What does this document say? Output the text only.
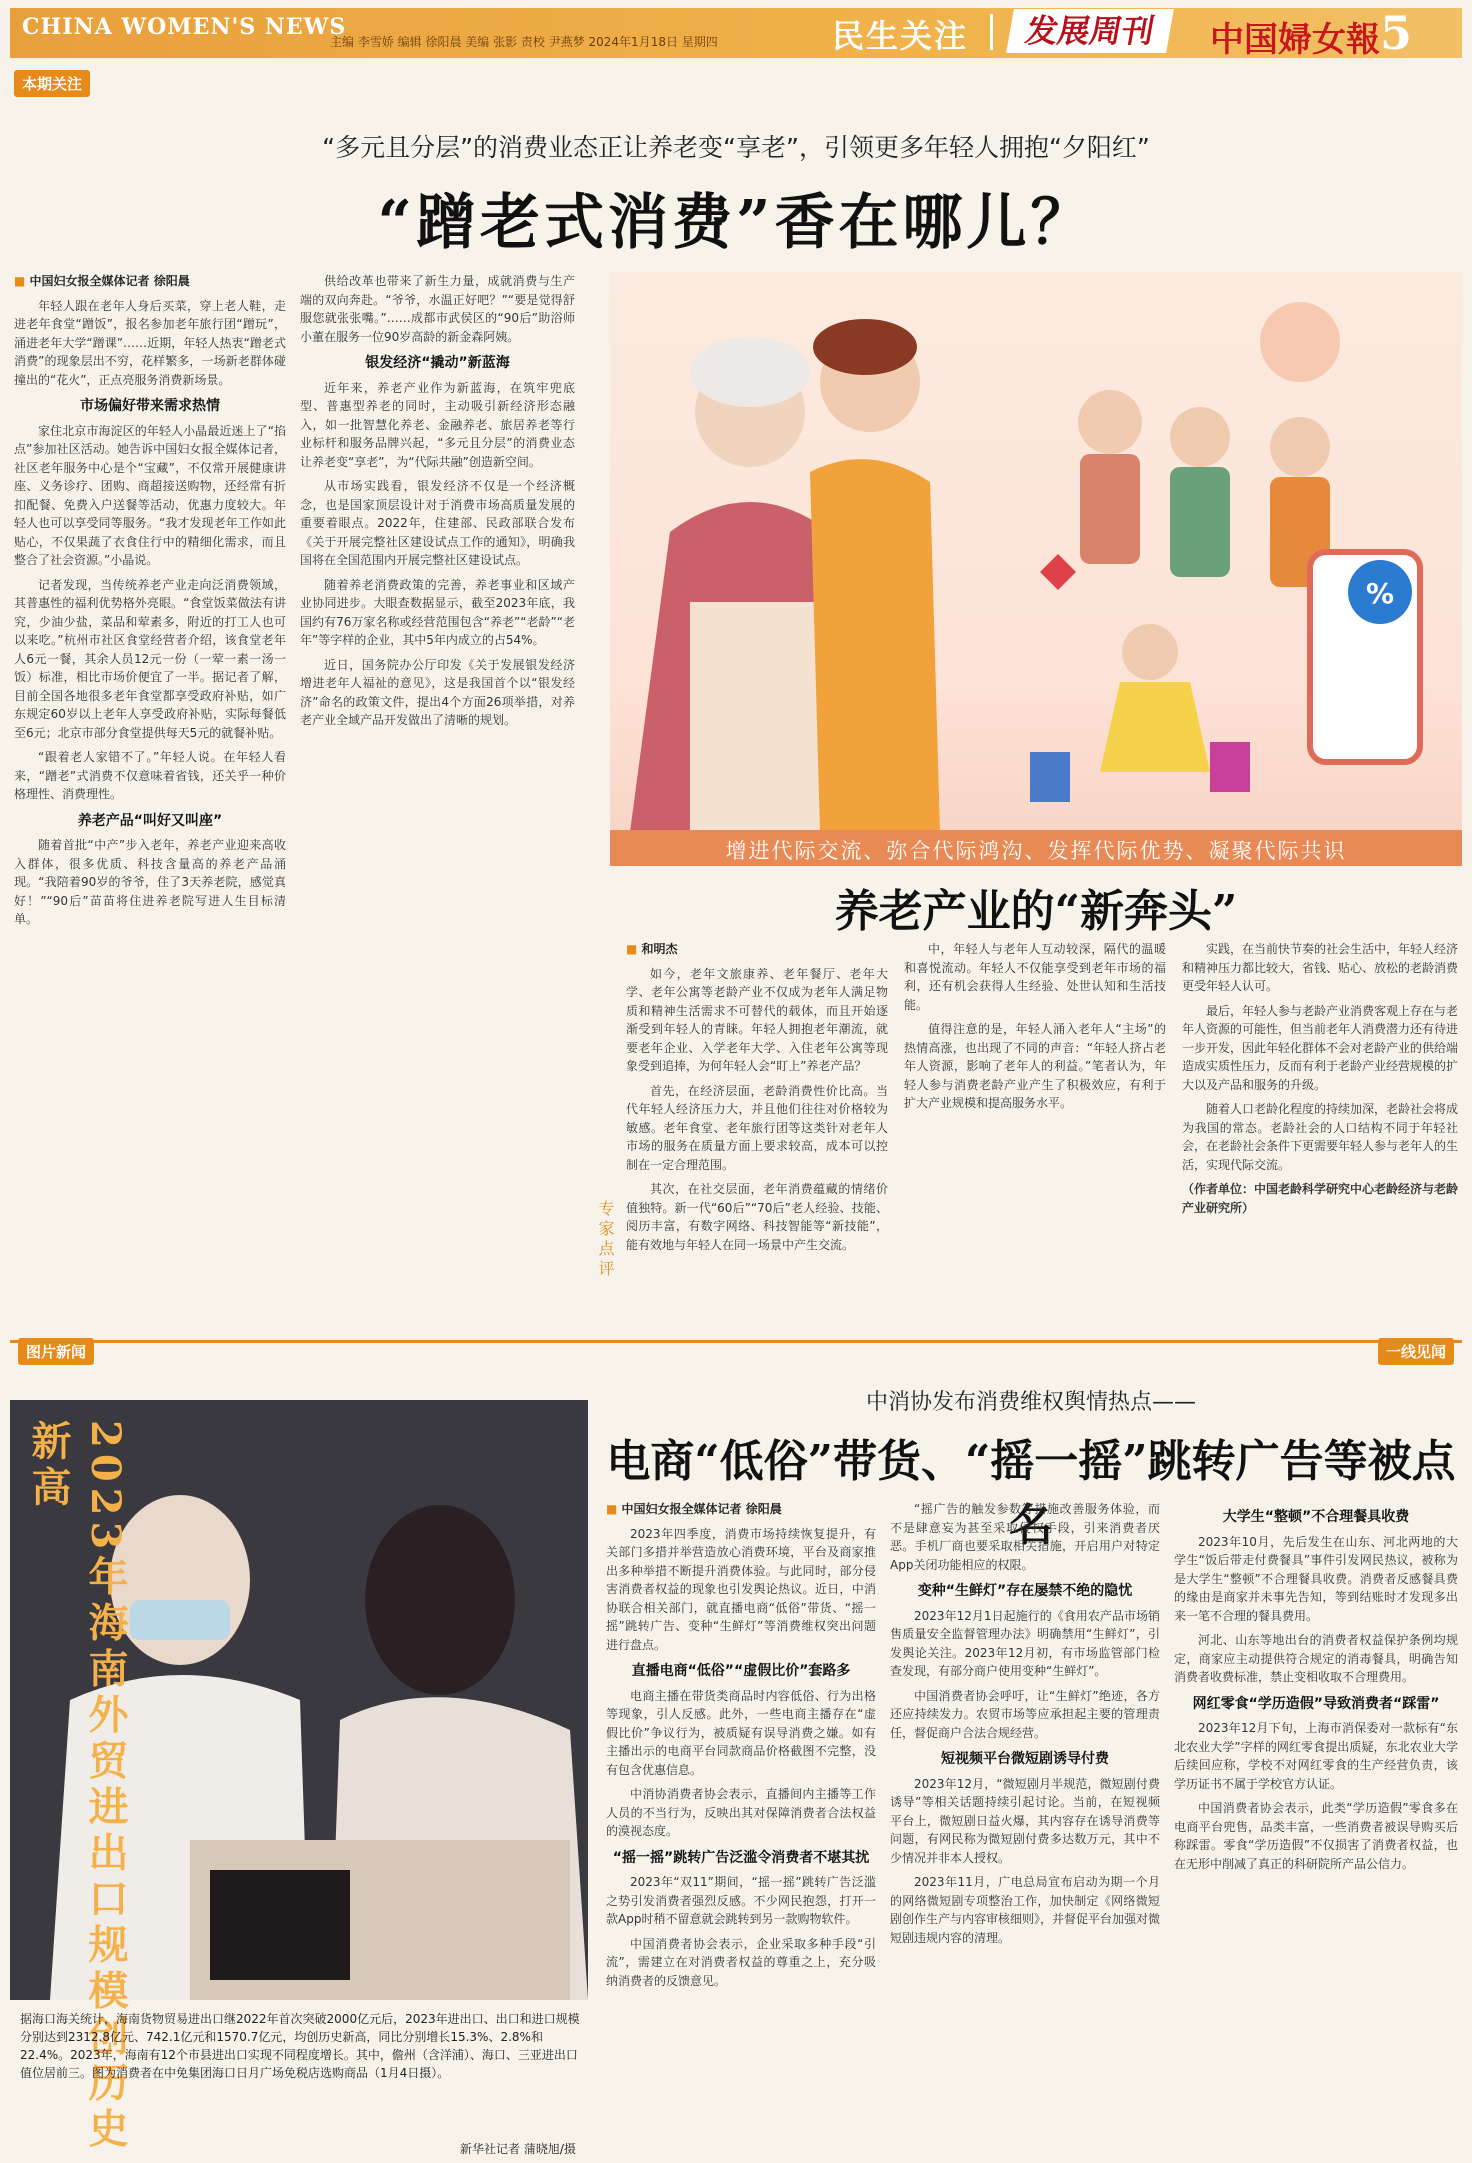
CHINA WOMEN'S NEWS
主编 李雪娇 编辑 徐阳晨 美编 张影 责校 尹燕梦 2024年1月18日 星期四	民生关注	发展周刊	中国婦女報 5
本期关注
“多元且分层”的消费业态正让养老变“享老”，引领更多年轻人拥抱“夕阳红”
“蹭老式消费”香在哪儿？
■ 中国妇女报全媒体记者 徐阳晨

年轻人跟在老年人身后买菜，穿上老人鞋，走进老年食堂“蹭饭”，报名参加老年旅行团“蹭玩”，涌进老年大学“蹭课”……近期，年轻人热衷“蹭老式消费”的现象层出不穷，花样繁多，一场新老群体碰撞出的“花火”，正点亮服务消费新场景。

市场偏好带来需求热情

家住北京市海淀区的年轻人小晶最近迷上了“掐点”参加社区活动。她告诉中国妇女报全媒体记者，社区老年服务中心是个“宝藏”，不仅常开展健康讲座、义务诊疗、团购、商超接送购物，还经常有折扣配餐、免费入户送餐等活动，优惠力度较大。年轻人也可以享受同等服务。“我才发现老年工作如此贴心，不仅果蔬了衣食住行中的精细化需求，而且整合了社会资源。”小晶说。

记者发现，当传统养老产业走向泛消费领域，其普惠性的福利优势格外亮眼。“食堂饭菜做法有讲究，少油少盐，菜品和荤素多，附近的打工人也可以来吃。”杭州市社区食堂经营者介绍，该食堂老年人6元一餐，其余人员12元一份（一荤一素一汤一饭）标准，相比市场价便宜了一半。据记者了解，目前全国各地很多老年食堂都享受政府补贴，如广东规定60岁以上老年人享受政府补贴，实际每餐低至6元；北京市部分食堂提供每天5元的就餐补贴。

“跟着老人家错不了。”年轻人说。在年轻人看来，“蹭老”式消费不仅意味着省钱，还关乎一种价格理性、消费理性。

养老产品“叫好又叫座”

随着首批“中产”步入老年，养老产业迎来高收入群体，很多优质、科技含量高的养老产品涌现。“我陪着90岁的爷爷，住了3天养老院，感觉真好！”“90后”苗苗将住进养老院写进人生目标清单。

供给改革也带来了新生力量，成就消费与生产端的双向奔赴。“爷爷，水温正好吧？”“要是觉得舒服您就张张嘴。”……成都市武侯区的“90后”助浴师小董在服务一位90岁高龄的新金森阿姨。

银发经济“撬动”新蓝海

近年来，养老产业作为新蓝海，在筑牢兜底型、普惠型养老的同时，主动吸引新经济形态融入，如一批智慧化养老、金融养老、旅居养老等行业标杆和服务品牌兴起，“多元且分层”的消费业态让养老变“享老”，为“代际共融”创造新空间。

从市场实践看，银发经济不仅是一个经济概念，也是国家顶层设计对于消费市场高质量发展的重要着眼点。2022年，住建部、民政部联合发布《关于开展完整社区建设试点工作的通知》，明确我国将在全国范围内开展完整社区建设试点。

随着养老消费政策的完善，养老事业和区域产业协同进步。大眼查数据显示，截至2023年底，我国约有76万家名称或经营范围包含“养老”“老龄”“老年”等字样的企业，其中5年内成立的占54%。

近日，国务院办公厅印发《关于发展银发经济增进老年人福祉的意见》，这是我国首个以“银发经济”命名的政策文件，提出4个方面26项举措，对养老产业全域产品开发做出了清晰的规划。

%
增进代际交流、弥合代际鸿沟、发挥代际优势、凝聚代际共识
养老产业的“新奔头”
专家点评
■ 和明杰

如今，老年文旅康养、老年餐厅、老年大学、老年公寓等老龄产业不仅成为老年人满足物质和精神生活需求不可替代的载体，而且开始逐渐受到年轻人的青睐。年轻人拥抱老年潮流，就要老年企业、入学老年大学、入住老年公寓等现象受到追捧，为何年轻人会“盯上”养老产品？

首先，在经济层面，老龄消费性价比高。当代年轻人经济压力大，并且他们往往对价格较为敏感。老年食堂、老年旅行团等这类针对老年人市场的服务在质量方面上要求较高，成本可以控制在一定合理范围。

其次，在社交层面，老年消费蕴藏的情绪价值独特。新一代“60后”“70后”老人经验、技能、阅历丰富，有数字网络、科技智能等“新技能”，能有效地与年轻人在同一场景中产生交流。

中，年轻人与老年人互动较深，隔代的温暖和喜悦流动。年轻人不仅能享受到老年市场的福利，还有机会获得人生经验、处世认知和生活技能。

值得注意的是，年轻人涌入老年人“主场”的热情高涨，也出现了不同的声音：“年轻人挤占老年人资源，影响了老年人的利益。”笔者认为，年轻人参与消费老龄产业产生了积极效应，有利于扩大产业规模和提高服务水平。

实践，在当前快节奏的社会生活中，年轻人经济和精神压力都比较大，省钱、贴心、放松的老龄消费更受年轻人认可。

最后，年轻人参与老龄产业消费客观上存在与老年人资源的可能性，但当前老年人消费潜力还有待进一步开发，因此年轻化群体不会对老龄产业的供给端造成实质性压力，反而有利于老龄产业经营规模的扩大以及产品和服务的升级。

随着人口老龄化程度的持续加深，老龄社会将成为我国的常态。老龄社会的人口结构不同于年轻社会，在老龄社会条件下更需要年轻人参与老年人的生活，实现代际交流。

（作者单位：中国老龄科学研究中心老龄经济与老龄产业研究所）

图片新闻	一线见闻
2023年海南外贸进出口规模创历史新高
据海口海关统计，海南货物贸易进出口继2022年首次突破2000亿元后，2023年进出口、出口和进口规模分别达到2312.8亿元、742.1亿元和1570.7亿元，均创历史新高，同比分别增长15.3%、2.8%和22.4%。2023年，海南有12个市县进出口实现不同程度增长。其中，儋州（含洋浦）、海口、三亚进出口值位居前三。图为消费者在中免集团海口日月广场免税店选购商品（1月4日摄）。
新华社记者 蒲晓旭/摄
中消协发布消费维权舆情热点——
电商“低俗”带货、“摇一摇”跳转广告等被点名
■ 中国妇女报全媒体记者 徐阳晨

2023年四季度，消费市场持续恢复提升，有关部门多措并举营造放心消费环境，平台及商家推出多种举措不断提升消费体验。与此同时，部分侵害消费者权益的现象也引发舆论热议。近日，中消协联合相关部门，就直播电商“低俗”带货、“摇一摇”跳转广告、变种“生鲜灯”等消费维权突出问题进行盘点。

直播电商“低俗”“虚假比价”套路多

电商主播在带货类商品时内容低俗、行为出格等现象，引人反感。此外，一些电商主播存在“虚假比价”争议行为，被质疑有误导消费之嫌。如有主播出示的电商平台同款商品价格截图不完整，没有包含优惠信息。

中消协消费者协会表示，直播间内主播等工作人员的不当行为，反映出其对保障消费者合法权益的漠视态度。

“摇一摇”跳转广告泛滥令消费者不堪其扰

2023年“双11”期间，“摇一摇”跳转广告泛滥之势引发消费者强烈反感。不少网民抱怨，打开一款App时稍不留意就会跳转到另一款购物软件。

中国消费者协会表示，企业采取多种手段“引流”，需建立在对消费者权益的尊重之上，充分吸纳消费者的反馈意见。

“摇广告的触发参数等措施改善服务体验，而不是肆意妄为甚至采取侵权手段，引来消费者厌恶。手机厂商也要采取相关措施，开启用户对特定App关闭功能相应的权限。

变种“生鲜灯”存在屡禁不绝的隐忧

2023年12月1日起施行的《食用农产品市场销售质量安全监督管理办法》明确禁用“生鲜灯”，引发舆论关注。2023年12月初，有市场监管部门检查发现，有部分商户使用变种“生鲜灯”。

中国消费者协会呼吁，让“生鲜灯”绝迹，各方还应持续发力。农贸市场等应承担起主要的管理责任，督促商户合法合规经营。

短视频平台微短剧诱导付费

2023年12月，“微短剧月半规范，微短剧付费诱导”等相关话题持续引起讨论。当前，在短视频平台上，微短剧日益火爆，其内容存在诱导消费等问题，有网民称为微短剧付费多达数万元，其中不少情况并非本人授权。

2023年11月，广电总局宣布启动为期一个月的网络微短剧专项整治工作，加快制定《网络微短剧创作生产与内容审核细则》，并督促平台加强对微短剧违规内容的清理。

大学生“整顿”不合理餐具收费

2023年10月，先后发生在山东、河北两地的大学生“饭后带走付费餐具”事件引发网民热议，被称为是大学生“整顿”不合理餐具收费。消费者反感餐具费的缘由是商家并未事先告知，等到结账时才发现多出来一笔不合理的餐具费用。

河北、山东等地出台的消费者权益保护条例均规定，商家应主动提供符合规定的消毒餐具，明确告知消费者收费标准，禁止变相收取不合理费用。

网红零食“学历造假”导致消费者“踩雷”

2023年12月下旬，上海市消保委对一款标有“东北农业大学”字样的网红零食提出质疑，东北农业大学后续回应称，学校不对网红零食的生产经营负责，该学历证书不属于学校官方认证。

中国消费者协会表示，此类“学历造假”零食多在电商平台兜售，品类丰富，一些消费者被误导购买后称踩雷。零食“学历造假”不仅损害了消费者权益，也在无形中削减了真正的科研院所产品公信力。
